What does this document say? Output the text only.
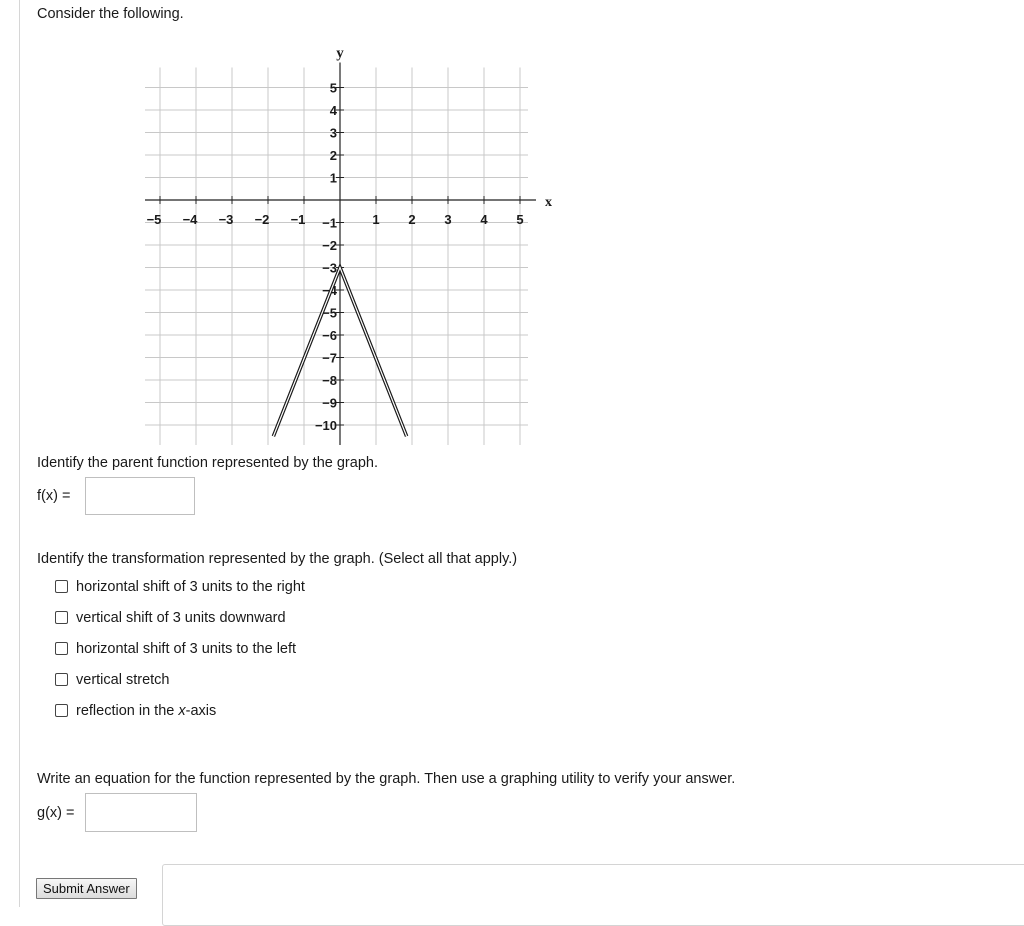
Consider the following.
−5 −4 −3 −2 −1	1 2 3 4 5
5
4
3
2
1
−1
−2
−3
−4
−5
−6
−7
−8
−9
−10
x
y
Identify the parent function represented by the graph.
f(x) =
Identify the transformation represented by the graph. (Select all that apply.)
horizontal shift of 3 units to the right
vertical shift of 3 units downward
horizontal shift of 3 units to the left
vertical stretch
reflection in the x-axis
Write an equation for the function represented by the graph. Then use a graphing utility to verify your answer.
g(x) =
Submit Answer
